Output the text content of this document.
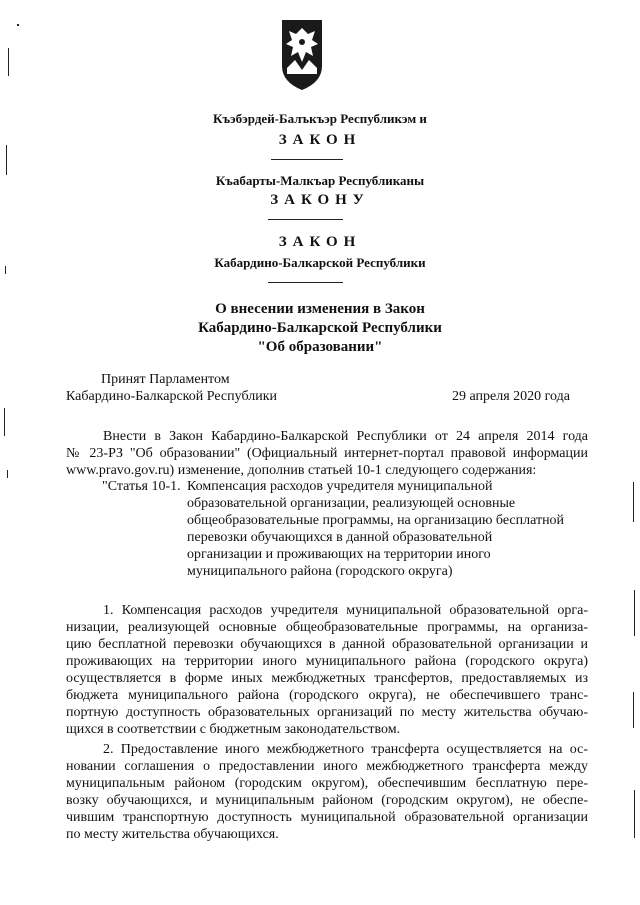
Къэбэрдей-Балъкъэр Республикэм и
ЗАКОН
Къабарты-Малкъар Республиканы
ЗАКОНУ
ЗАКОН
Кабардино-Балкарской Республики
О внесении изменения в Закон
Кабардино-Балкарской Республики
"Об образовании"
Принят Парламентом
Кабардино-Балкарской Республики	29 апреля 2020 года
Внести в Закон Кабардино-Балкарской Республики от 24 апреля 2014 года
№ 23-РЗ "Об образовании" (Официальный интернет-портал правовой информации
www.pravo.gov.ru) изменение, дополнив статьей 10-1 следующего содержания:
"Статья 10-1. Компенсация расходов учредителя муниципальной
образовательной организации, реализующей основные
общеобразовательные программы, на организацию бесплатной
перевозки обучающихся в данной образовательной
организации и проживающих на территории иного
муниципального района (городского округа)
1. Компенсация расходов учредителя муниципальной образовательной орга-
низации, реализующей основные общеобразовательные программы, на организа-
цию бесплатной перевозки обучающихся в данной образовательной организации и
проживающих на территории иного муниципального района (городского округа)
осуществляется в форме иных межбюджетных трансфертов, предоставляемых из
бюджета муниципального района (городского округа), не обеспечившего транс-
портную доступность образовательных организаций по месту жительства обучаю-
щихся в соответствии с бюджетным законодательством.
2. Предоставление иного межбюджетного трансферта осуществляется на ос-
новании соглашения о предоставлении иного межбюджетного трансферта между
муниципальным районом (городским округом), обеспечившим бесплатную пере-
возку обучающихся, и муниципальным районом (городским округом), не обеспе-
чившим транспортную доступность муниципальной образовательной организации
по месту жительства обучающихся.
